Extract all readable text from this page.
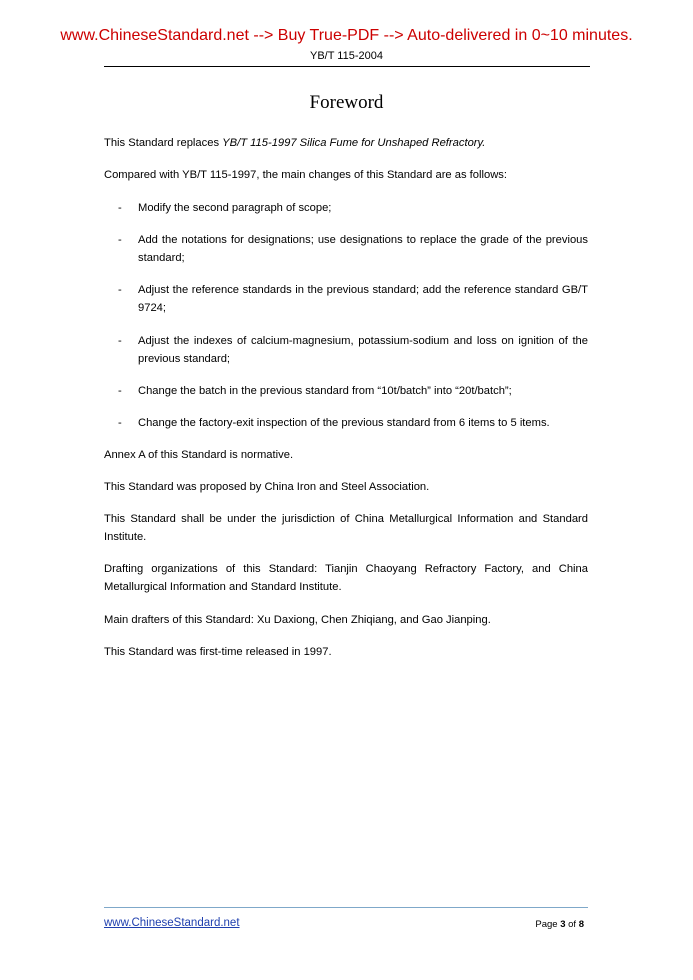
www.ChineseStandard.net --> Buy True-PDF --> Auto-delivered in 0~10 minutes.
YB/T 115-2004
Foreword
This Standard replaces YB/T 115-1997 Silica Fume for Unshaped Refractory.
Compared with YB/T 115-1997, the main changes of this Standard are as follows:
- Modify the second paragraph of scope;
- Add the notations for designations; use designations to replace the grade of the previous standard;
- Adjust the reference standards in the previous standard; add the reference standard GB/T 9724;
- Adjust the indexes of calcium-magnesium, potassium-sodium and loss on ignition of the previous standard;
- Change the batch in the previous standard from “10t/batch” into “20t/batch”;
- Change the factory-exit inspection of the previous standard from 6 items to 5 items.
Annex A of this Standard is normative.
This Standard was proposed by China Iron and Steel Association.
This Standard shall be under the jurisdiction of China Metallurgical Information and Standard Institute.
Drafting organizations of this Standard: Tianjin Chaoyang Refractory Factory, and China Metallurgical Information and Standard Institute.
Main drafters of this Standard: Xu Daxiong, Chen Zhiqiang, and Gao Jianping.
This Standard was first-time released in 1997.
www.ChineseStandard.net	Page 3 of 8
